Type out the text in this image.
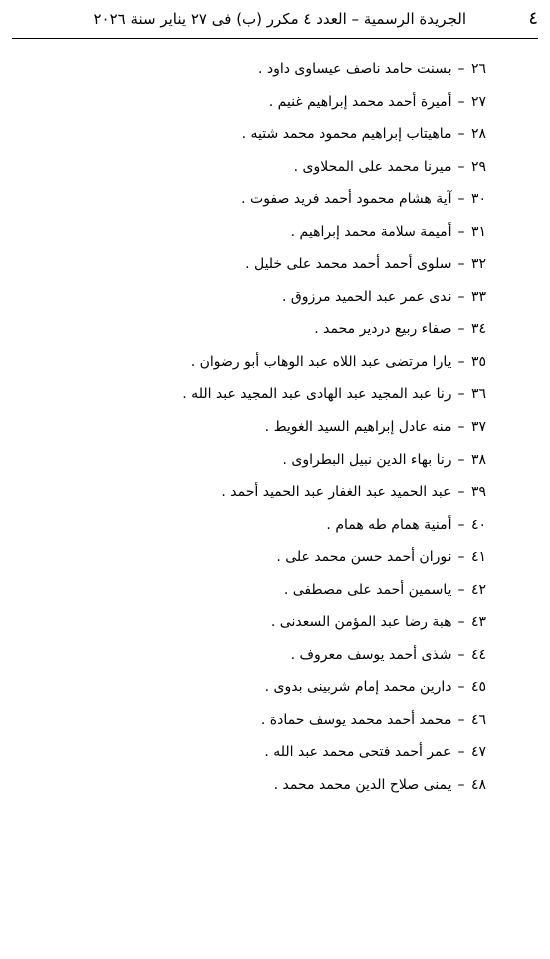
٤
الجريدة الرسمية – العدد ٤ مكرر (ب) فى ٢٧ يناير سنة ٢٠٢٦
٢٦ –بسنت حامد ناصف عيساوى داود .
٢٧ –أميرة أحمد محمد إبراهيم غنيم .
٢٨ –ماهيتاب إبراهيم محمود محمد شتيه .
٢٩ –ميرنا محمد على المحلاوى .
٣٠ –آية هشام محمود أحمد فريد صفوت .
٣١ –أميمة سلامة محمد إبراهيم .
٣٢ –سلوى أحمد أحمد محمد على خليل .
٣٣ –ندى عمر عبد الحميد مرزوق .
٣٤ –صفاء ربيع دردير محمد .
٣٥ –يارا مرتضى عبد اللاه عبد الوهاب أبو رضوان .
٣٦ –رنا عبد المجيد عبد الهادى عبد المجيد عبد الله .
٣٧ –منه عادل إبراهيم السيد الغويط .
٣٨ –رنا بهاء الدين نبيل البطراوى .
٣٩ –عبد الحميد عبد الغفار عبد الحميد أحمد .
٤٠ –أمنية همام طه همام .
٤١ –نوران أحمد حسن محمد على .
٤٢ –ياسمين أحمد على مصطفى .
٤٣ –هبة رضا عبد المؤمن السعدنى .
٤٤ –شذى أحمد يوسف معروف .
٤٥ –دارين محمد إمام شربينى بدوى .
٤٦ –محمد أحمد محمد يوسف حمادة .
٤٧ –عمر أحمد فتحى محمد عبد الله .
٤٨ –يمنى صلاح الدين محمد محمد .
